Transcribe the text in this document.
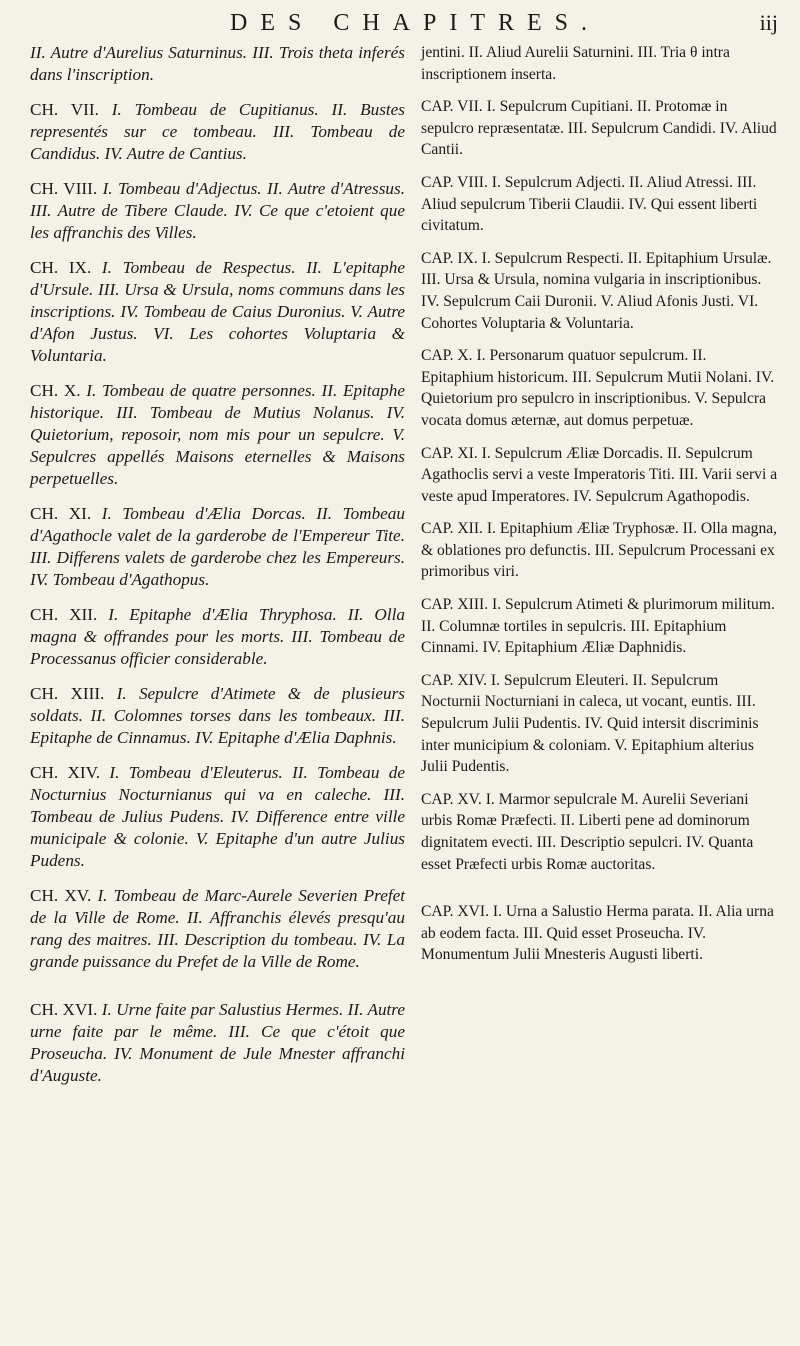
DES CHAPITRES.	iij

II. Autre d'Aurelius Saturninus. III. Trois theta inferés dans l'inscription.

CH. VII. I. Tombeau de Cupitianus. II. Bustes representés sur ce tombeau. III. Tombeau de Candidus. IV. Autre de Cantius.

CH. VIII. I. Tombeau d'Adjectus. II. Autre d'Atressus. III. Autre de Tibere Claude. IV. Ce que c'etoient que les affranchis des Villes.

CH. IX. I. Tombeau de Respectus. II. L'epitaphe d'Ursule. III. Ursa & Ursula, noms communs dans les inscriptions. IV. Tombeau de Caius Duronius. V. Autre d'Afon Justus. VI. Les cohortes Voluptaria & Voluntaria.

CH. X. I. Tombeau de quatre personnes. II. Epitaphe historique. III. Tombeau de Mutius Nolanus. IV. Quietorium, reposoir, nom mis pour un sepulcre. V. Sepulcres appellés Maisons eternelles & Maisons perpetuelles.

CH. XI. I. Tombeau d'Ælia Dorcas. II. Tombeau d'Agathocle valet de la garderobe de l'Empereur Tite. III. Differens valets de garderobe chez les Empereurs. IV. Tombeau d'Agathopus.

CH. XII. I. Epitaphe d'Ælia Thryphosa. II. Olla magna & offrandes pour les morts. III. Tombeau de Processanus officier considerable.

CH. XIII. I. Sepulcre d'Atimete & de plusieurs soldats. II. Colomnes torses dans les tombeaux. III. Epitaphe de Cinnamus. IV. Epitaphe d'Ælia Daphnis.

CH. XIV. I. Tombeau d'Eleuterus. II. Tombeau de Nocturnius Nocturnianus qui va en caleche. III. Tombeau de Julius Pudens. IV. Difference entre ville municipale & colonie. V. Epitaphe d'un autre Julius Pudens.

CH. XV. I. Tombeau de Marc-Aurele Severien Prefet de la Ville de Rome. II. Affranchis élevés presqu'au rang des maitres. III. Description du tombeau. IV. La grande puissance du Prefet de la Ville de Rome.

CH. XVI. I. Urne faite par Salustius Hermes. II. Autre urne faite par le même. III. Ce que c'étoit que Proseucha. IV. Monument de Jule Mnester affranchi d'Auguste.

jentini. II. Aliud Aurelii Saturnini. III. Tria θ intra inscriptionem inserta.

CAP. VII. I. Sepulcrum Cupitiani. II. Protomæ in sepulcro repræsentatæ. III. Sepulcrum Candidi. IV. Aliud Cantii.

CAP. VIII. I. Sepulcrum Adjecti. II. Aliud Atressi. III. Aliud sepulcrum Tiberii Claudii. IV. Qui essent liberti civitatum.

CAP. IX. I. Sepulcrum Respecti. II. Epitaphium Ursulæ. III. Ursa & Ursula, nomina vulgaria in inscriptionibus. IV. Sepulcrum Caii Duronii. V. Aliud Afonis Justi. VI. Cohortes Voluptaria & Voluntaria.

CAP. X. I. Personarum quatuor sepulcrum. II. Epitaphium historicum. III. Sepulcrum Mutii Nolani. IV. Quietorium pro sepulcro in inscriptionibus. V. Sepulcra vocata domus æternæ, aut domus perpetuæ.

CAP. XI. I. Sepulcrum Æliæ Dorcadis. II. Sepulcrum Agathoclis servi a veste Imperatoris Titi. III. Varii servi a veste apud Imperatores. IV. Sepulcrum Agathopodis.

CAP. XII. I. Epitaphium Æliæ Tryphosæ. II. Olla magna, & oblationes pro defunctis. III. Sepulcrum Processani ex primoribus viri.

CAP. XIII. I. Sepulcrum Atimeti & plurimorum militum. II. Columnæ tortiles in sepulcris. III. Epitaphium Cinnami. IV. Epitaphium Æliæ Daphnidis.

CAP. XIV. I. Sepulcrum Eleuteri. II. Sepulcrum Nocturnii Nocturniani in caleca, ut vocant, euntis. III. Sepulcrum Julii Pudentis. IV. Quid intersit discriminis inter municipium & coloniam. V. Epitaphium alterius Julii Pudentis.

CAP. XV. I. Marmor sepulcrale M. Aurelii Severiani urbis Romæ Præfecti. II. Liberti pene ad dominorum dignitatem evecti. III. Descriptio sepulcri. IV. Quanta esset Præfecti urbis Romæ auctoritas.

CAP. XVI. I. Urna a Salustio Herma parata. II. Alia urna ab eodem facta. III. Quid esset Proseucha. IV. Monumentum Julii Mnesteris Augusti liberti.
